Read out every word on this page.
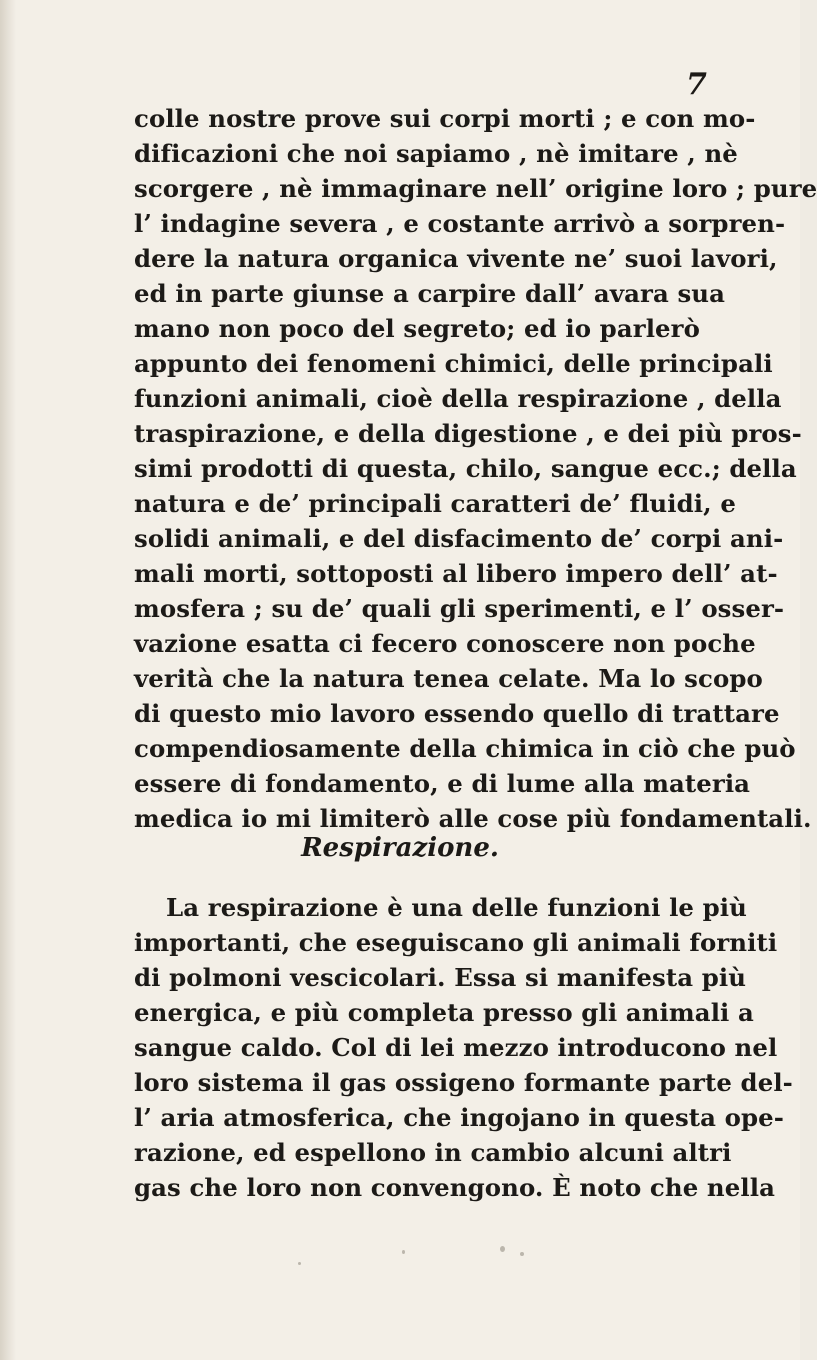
7
colle nostre prove sui corpi morti ; e con mo-
dificazioni che noi sapiamo , nè imitare , nè
scorgere , nè immaginare nell’ origine loro ; pure
l’ indagine severa , e costante arrivò a sorpren-
dere la natura organica vivente ne’ suoi lavori,
ed in parte giunse a carpire dall’ avara sua
mano non poco del segreto; ed io parlerò
appunto dei fenomeni chimici, delle principali
funzioni animali, cioè della respirazione , della
traspirazione, e della digestione , e dei più pros-
simi prodotti di questa, chilo, sangue ecc.; della
natura e de’ principali caratteri de’ fluidi, e
solidi animali, e del disfacimento de’ corpi ani-
mali morti, sottoposti al libero impero dell’ at-
mosfera ; su de’ quali gli sperimenti, e l’ osser-
vazione esatta ci fecero conoscere non poche
verità che la natura tenea celate. Ma lo scopo
di questo mio lavoro essendo quello di trattare
compendiosamente della chimica in ciò che può
essere di fondamento, e di lume alla materia
medica io mi limiterò alle cose più fondamentali.
Respirazione.
La respirazione è una delle funzioni le più
importanti, che eseguiscano gli animali forniti
di polmoni vescicolari. Essa si manifesta più
energica, e più completa presso gli animali a
sangue caldo. Col di lei mezzo introducono nel
loro sistema il gas ossigeno formante parte del-
l’ aria atmosferica, che ingojano in questa ope-
razione, ed espellono in cambio alcuni altri
gas che loro non convengono. È noto che nella
